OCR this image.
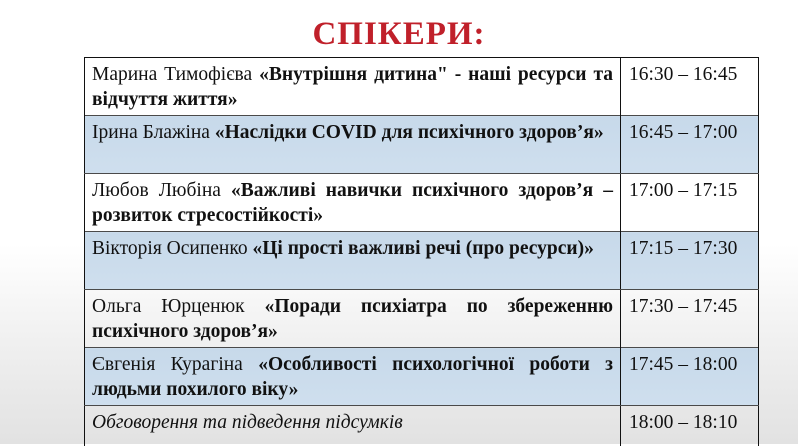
СПІКЕРИ:
Марина Тимофієва «Внутрішня дитина" - наші ресурси та відчуття життя»	16:30 – 16:45
Ірина Блажіна «Наслідки COVID для психічного здоров’я»	16:45 – 17:00
Любов Любіна «Важливі навички психічного здоров’я – розвиток стресостійкості»	17:00 – 17:15
Вікторія Осипенко «Ці прості важливі речі (про ресурси)»	17:15 – 17:30
Ольга Юрценюк «Поради психіатра по збереженню психічного здоров’я»	17:30 – 17:45
Євгенія Курагіна «Особливості психологічної роботи з людьми похилого віку»	17:45 – 18:00
Обговорення та підведення підсумків	18:00 – 18:10
